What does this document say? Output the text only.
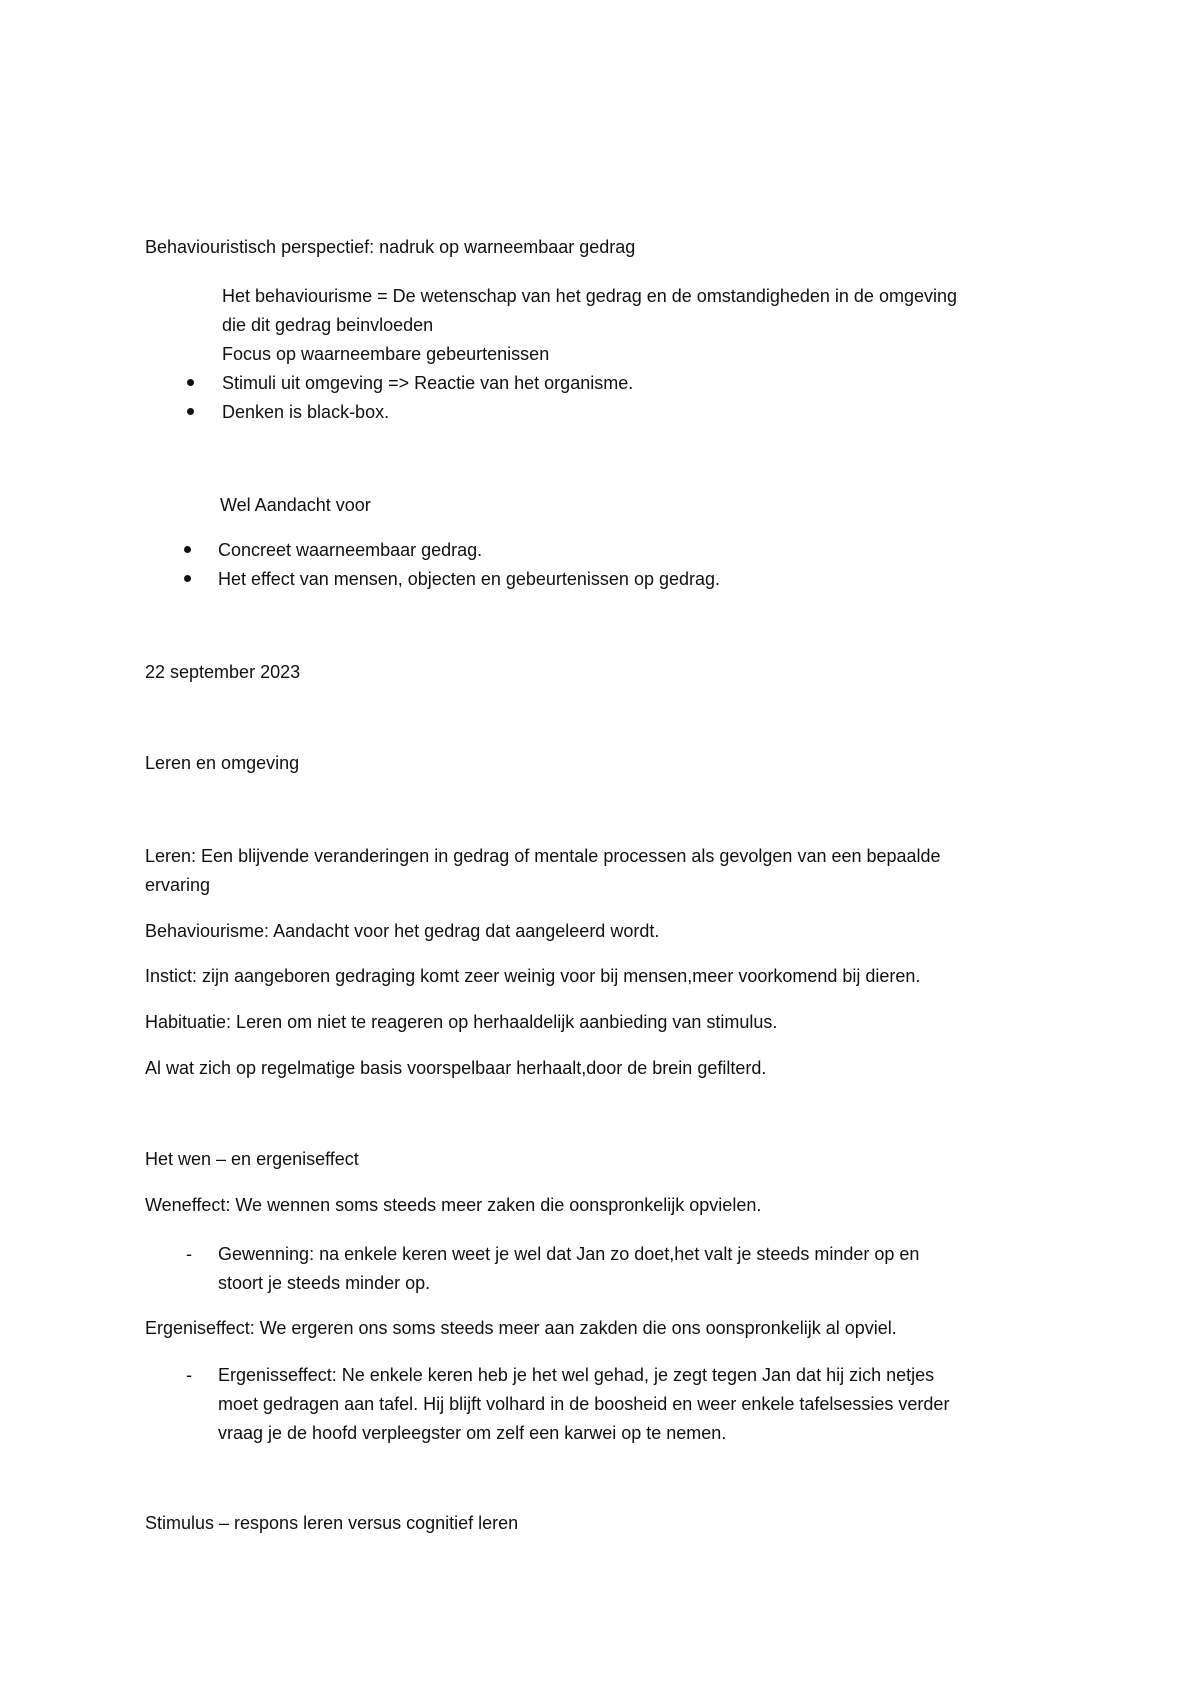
Behaviouristisch perspectief: nadruk op warneembaar gedrag
Het behaviourisme = De wetenschap van het gedrag en de omstandigheden in de omgeving
die dit gedrag beinvloeden
Focus op waarneembare gebeurtenissen
Stimuli uit omgeving => Reactie van het organisme.
Denken is black-box.
Wel Aandacht voor
Concreet waarneembaar gedrag.
Het effect van mensen, objecten en gebeurtenissen op gedrag.
22 september 2023
Leren en omgeving
Leren: Een blijvende veranderingen in gedrag of mentale processen als gevolgen van een bepaalde
ervaring
Behaviourisme: Aandacht voor het gedrag dat aangeleerd wordt.
Instict: zijn aangeboren gedraging komt zeer weinig voor bij mensen,meer voorkomend bij dieren.
Habituatie: Leren om niet te reageren op herhaaldelijk aanbieding van stimulus.
Al wat zich op regelmatige basis voorspelbaar herhaalt,door de brein gefilterd.
Het wen – en ergeniseffect
Weneffect: We wennen soms steeds meer zaken die oonspronkelijk opvielen.
- Gewenning: na enkele keren weet je wel dat Jan zo doet,het valt je steeds minder op en
stoort je steeds minder op.
Ergeniseffect: We ergeren ons soms steeds meer aan zakden die ons oonspronkelijk al opviel.
- Ergenisseffect: Ne enkele keren heb je het wel gehad, je zegt tegen Jan dat hij zich netjes
moet gedragen aan tafel. Hij blijft volhard in de boosheid en weer enkele tafelsessies verder
vraag je de hoofd verpleegster om zelf een karwei op te nemen.
Stimulus – respons leren versus cognitief leren
